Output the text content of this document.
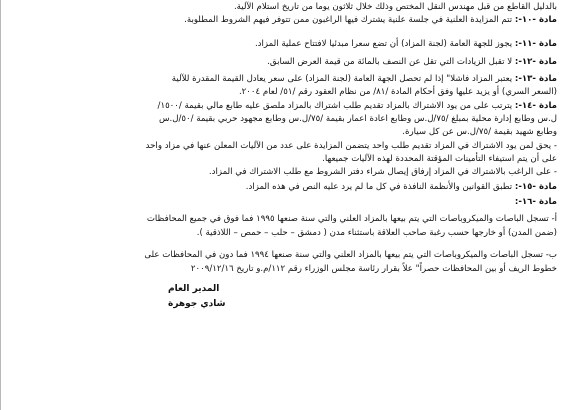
بالدليل القاطع من قبل مهندس النقل المختص وذلك خلال ثلاثون يوما من تاريخ استلام الآلية.
مادة -١٠-: تتم المزايدة العلنية في جلسة علنية يشترك فيها الراغبون ممن تتوفر فيهم الشروط المطلوبة.
مادة -١١-: يجوز للجهة العامة (لجنة المزاد) أن تضع سعرا مبدئيا لافتتاح عملية المزاد.
مادة -١٢-: لا تقبل الزيادات التي تقل عن النصف بالمائة من قيمة العرض السابق.
مادة -١٣-: يعتبر المزاد فاشلا" إذا لم تحصل الجهة العامة (لجنة المزاد) على سعر يعادل القيمة المقدرة للآلية
(السعر السري) أو يزيد عليها وفق أحكام المادة /٨١/ من نظام العقود رقم /٥١/ لعام ٢٠٠٤.
مادة -١٤-: يترتب على من يود الاشتراك بالمزاد تقديم طلب اشتراك بالمزاد ملصق عليه طابع مالي بقيمة /١٥٠٠/
ل.س وطابع إدارة محلية بمبلغ /٧٥/ل.س وطابع اعادة اعمار بقيمة /٧٥/ل.س وطابع مجهود حربي بقيمة /٥٠/ل.س
وطابع شهيد بقيمة /٧٥/ل.س عن كل سيارة.
- يحق لمن يود الاشتراك في المزاد تقديم طلب واحد يتضمن المزايدة على عدد من الآليات المعلن عنها في مزاد واحد
على أن يتم استيفاء التأمينات المؤقتة المحددة لهذه الآليات جميعها.
- على الراغب بالاشتراك في المزاد إرفاق إيصال شراء دفتر الشروط مع طلب الاشتراك في المزاد.
مادة -١٥-: تطبق القوانين والأنظمة النافذة في كل ما لم يرد عليه النص في هذه المزاد.
مادة -١٦-:
أ- تسجل الباصات والميكروباصات التي يتم بيعها بالمزاد العلني والتي سنة صنعها ١٩٩٥ فما فوق في جميع المحافظات
(ضمن المدن) أو خارجها حسب رغبة صاحب العلاقة باستثناء مدن ( دمشق – حلب – حمص – اللاذقية ).
ب- تسجل الباصات والميكروباصات التي يتم بيعها بالمزاد العلني والتي سنة صنعها ١٩٩٤ فما دون في المحافظات على
خطوط الريف أو بين المحافظات حصراً" علاً بقرار رئاسة مجلس الوزراء رقم ١١٢/م.و تاريخ ٢٠٠٩/١٢/١٦
المدير العام
شادي جوهرة
